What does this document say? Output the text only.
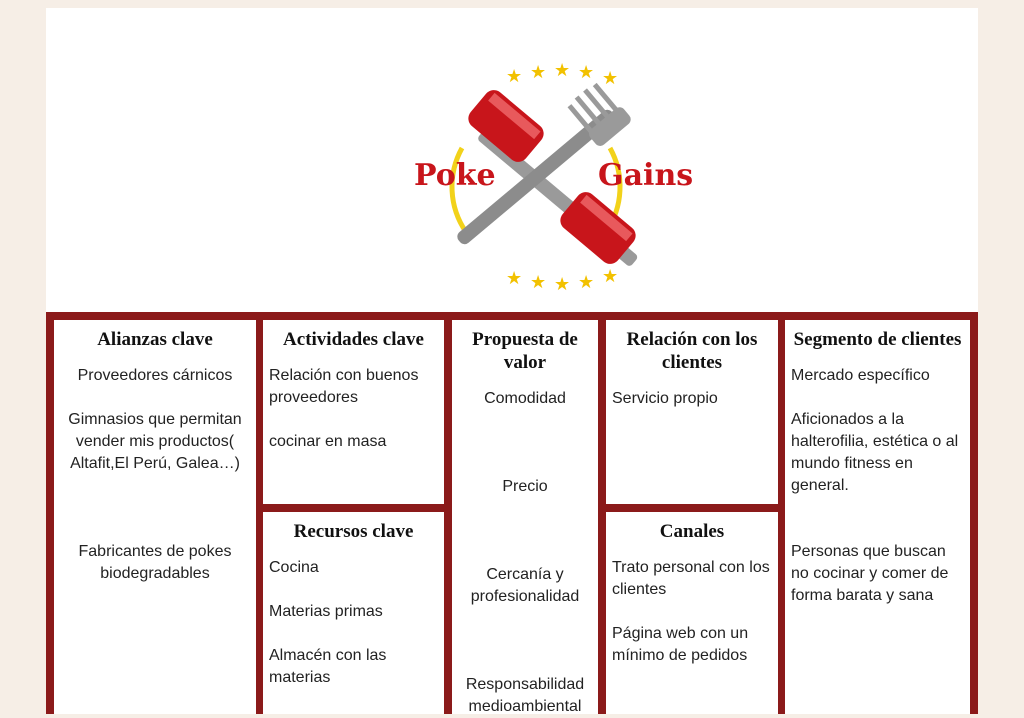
★ ★ ★ ★ ★
★ ★ ★ ★ ★
Poke	Gains
Alianzas clave

Proveedores cárnicos

Gimnasios que permitan vender mis productos( Altafit,El Perú, Galea…)

Fabricantes de pokes biodegradables

Actividades clave

Relación con buenos proveedores

cocinar en masa

Recursos clave

Cocina

Materias primas

Almacén con las materias

Propuesta de valor

Comodidad

Precio

Cercanía y profesionalidad

Responsabilidad medioambiental

Relación con los clientes

Servicio propio

Canales

Trato personal con los clientes

Página web con un mínimo de pedidos

Segmento de clientes

Mercado específico

Aficionados a la halterofilia, estética o al mundo fitness en general.

Personas que buscan no cocinar y comer de forma barata y sana
